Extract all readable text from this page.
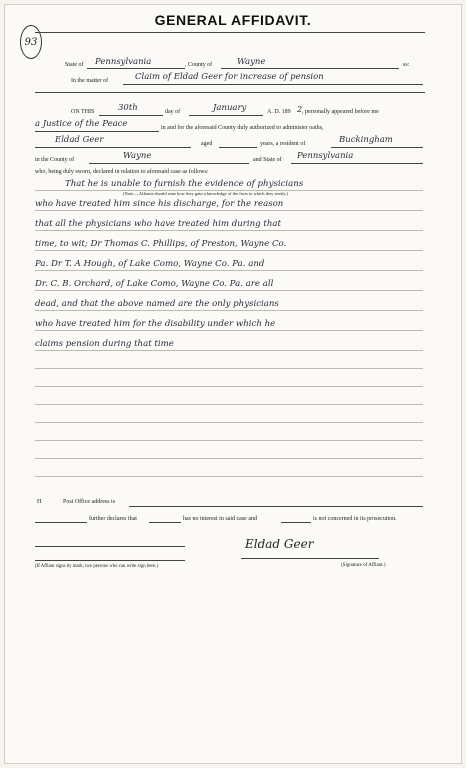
93
GENERAL AFFIDAVIT.
State of Pennsylvania	, County of	Wayne	ss:
In the matter of	Claim of Eldad Geer for increase of pension
ON THIS	30th	day of	January	A. D. 189 2 , personally appeared before me
a Justice of the Peace	in and for the aforesaid County duly authorized to administer oaths,
Eldad Geer	aged	years, a resident of	Buckingham
in the County of	Wayne	and State of Pennsylvania
who, being duly sworn, declared in relation to aforesaid case as follows:
That he is unable to furnish the evidence of physicians
(Note.—Affiants should state how they gain a knowledge of the facts to which they testify.)
who have treated him since his discharge, for the reason
that all the physicians who have treated him during that
time, to wit; Dr Thomas C. Phillips, of Preston, Wayne Co.
Pa. Dr T. A Hough, of Lake Como, Wayne Co. Pa. and
Dr. C. B. Orchard, of Lake Como, Wayne Co. Pa. are all
dead, and that the above named are the only physicians
who have treated him for the disability under which he
claims pension during that time
H	Post Office address is
further declares that	has no interest in said case and	is not concerned in its prosecution.
(If Affiant signs by mark, two persons who can write sign here.)
Eldad Geer
(Signature of Affiant.)
